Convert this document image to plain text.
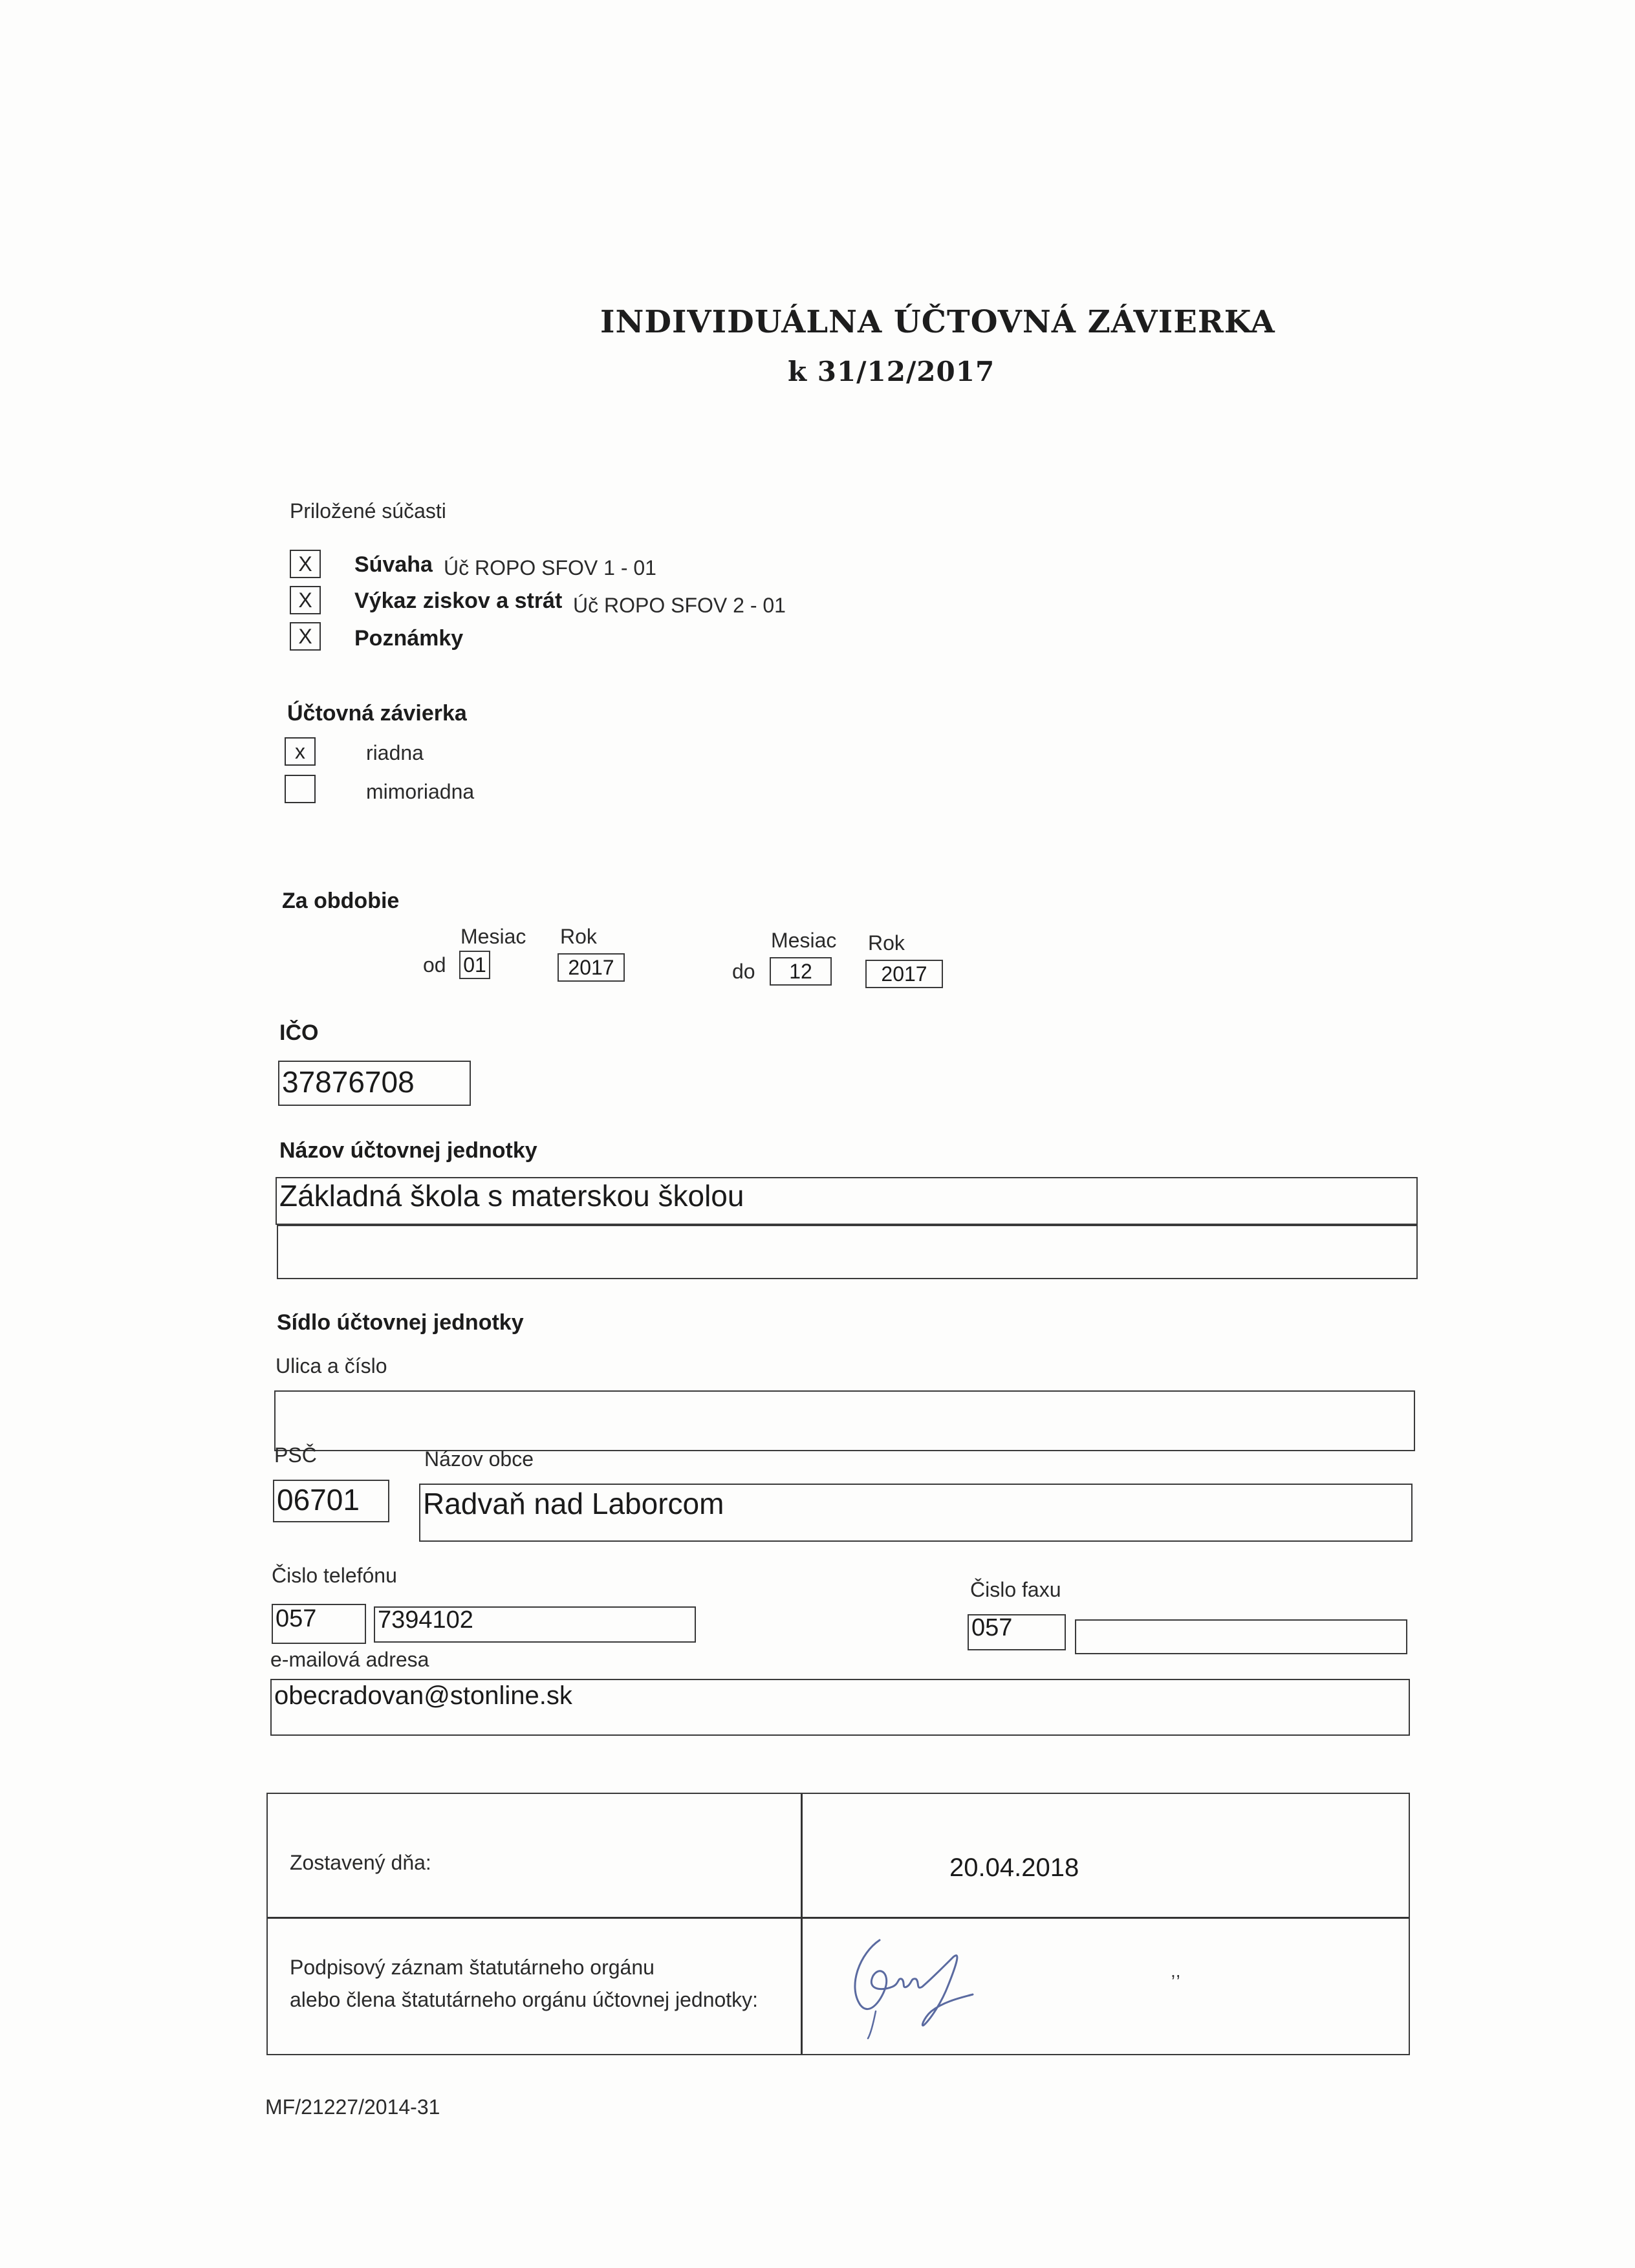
INDIVIDUÁLNA ÚČTOVNÁ ZÁVIERKA
k 31/12/2017
Priložené súčasti
X	Súvaha Úč ROPO SFOV 1 - 01
X	Výkaz ziskov a strát Úč ROPO SFOV 2 - 01
X	Poznámky
Účtovná závierka
x	riadna
mimoriadna
Za obdobie
Mesiac Rok
od 01	2017
Mesiac Rok
do	12	2017
IČO
37876708
Názov účtovnej jednotky
Základná škola s materskou školou
Sídlo účtovnej jednotky
Ulica a číslo
PSČ	Názov obce
06701 Radvaň nad Laborcom
Čislo telefónu
Čislo faxu
057 7394102	057
e-mailová adresa
obecradovan@stonline.sk
Zostavený dňa:	20.04.2018
Podpisový záznam štatutárneho orgánu
alebo člena štatutárneho orgánu účtovnej jednotky:
,,
MF/21227/2014-31
